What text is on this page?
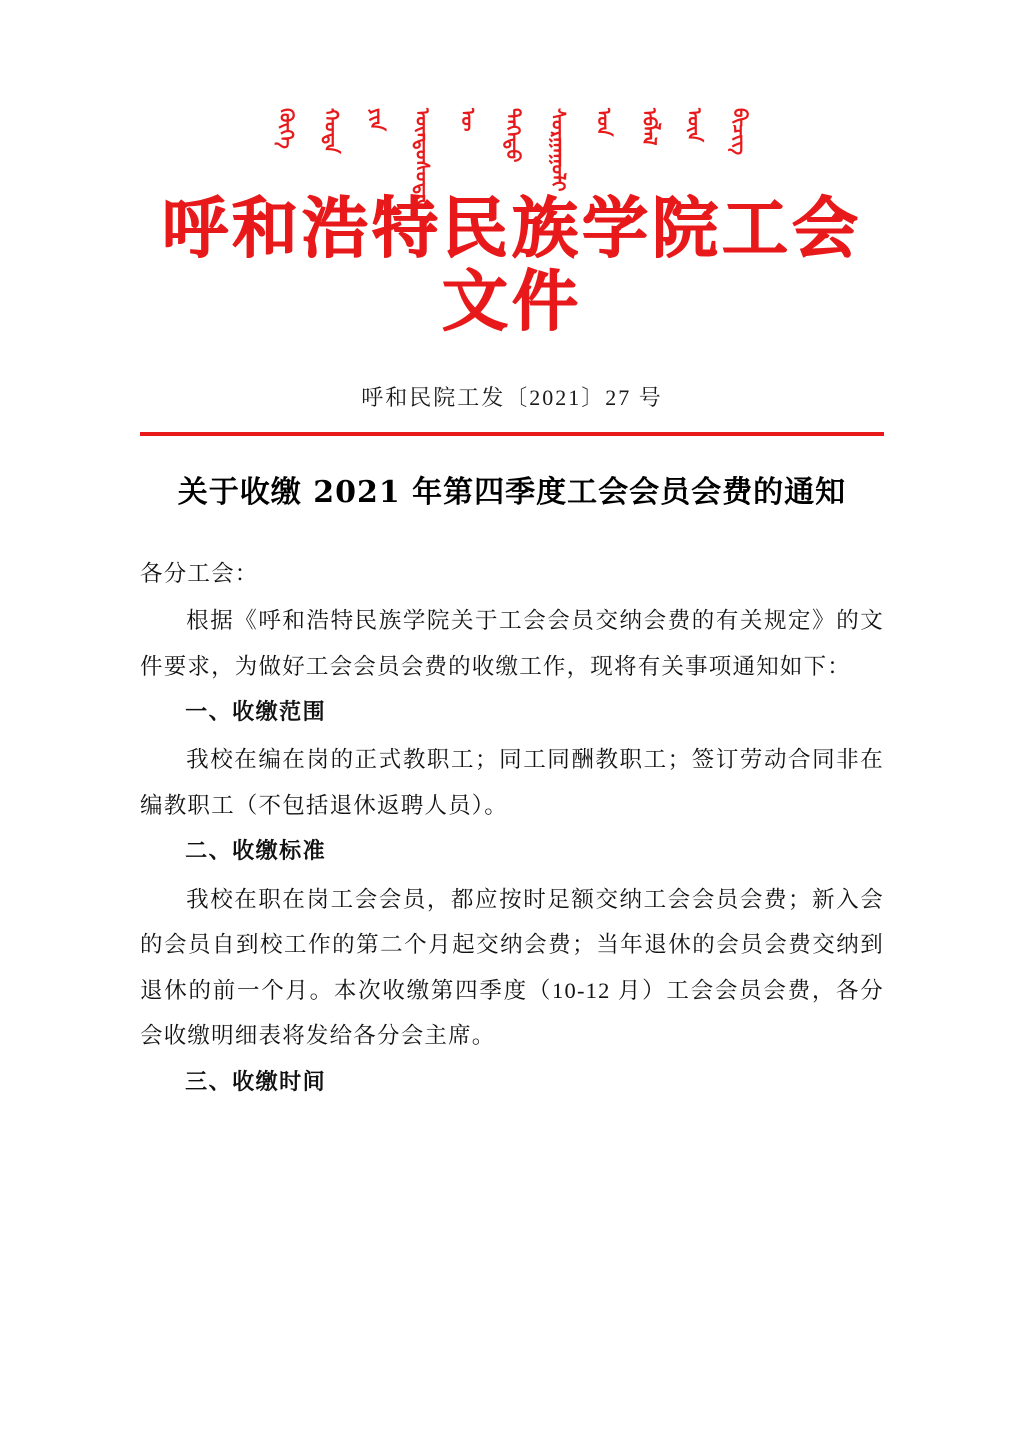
ᠬᠥᠬᠡ ᠬᠣᠲᠠ ᠶᠢᠨ ᠦᠨᠳᠦᠰᠦᠲᠡᠨ ᠦ ᠳᠡᠭᠡᠳᠦ ᠰᠤᠷᠭᠠᠭᠤᠯᠢ ᠤᠨ ᠡᠪᠯᠡᠯ ᠦᠨ ᠪᠢᠴᠢᠭ
呼和浩特民族学院工会文件
呼和民院工发〔2021〕27 号
关于收缴 2021 年第四季度工会会员会费的通知

各分工会：

根据《呼和浩特民族学院关于工会会员交纳会费的有关规定》的文件要求，为做好工会会员会费的收缴工作，现将有关事项通知如下：

一、收缴范围

我校在编在岗的正式教职工；同工同酬教职工；签订劳动合同非在编教职工（不包括退休返聘人员）。

二、收缴标准

我校在职在岗工会会员，都应按时足额交纳工会会员会费；新入会的会员自到校工作的第二个月起交纳会费；当年退休的会员会费交纳到退休的前一个月。本次收缴第四季度（10-12 月）工会会员会费，各分会收缴明细表将发给各分会主席。

三、收缴时间
